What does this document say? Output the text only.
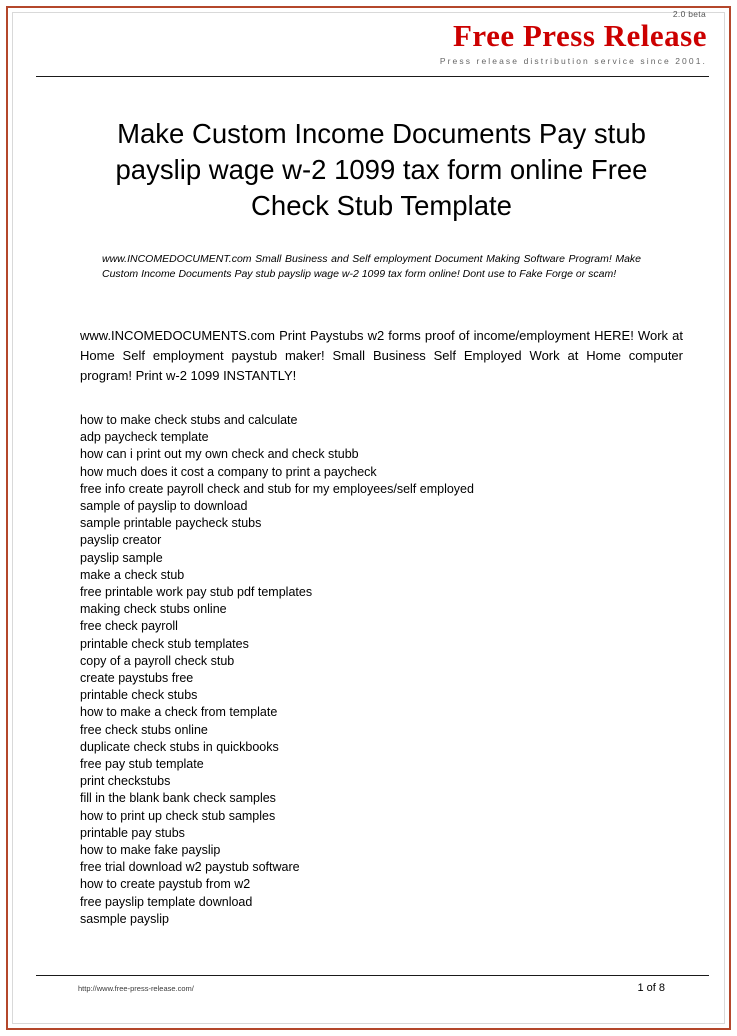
Free Press Release
2.0 beta
Press release distribution service since 2001.
Make Custom Income Documents Pay stub payslip wage w-2 1099 tax form online Free Check Stub Template

www.INCOMEDOCUMENT.com Small Business and Self employment Document Making Software Program! Make Custom Income Documents Pay stub payslip wage w-2 1099 tax form online! Dont use to Fake Forge or scam!

www.INCOMEDOCUMENTS.com Print Paystubs w2 forms proof of income/employment HERE! Work at Home Self employment paystub maker! Small Business Self Employed Work at Home computer program! Print w-2 1099 INSTANTLY!

how to make check stubs and calculate
adp paycheck template
how can i print out my own check and check stubb
how much does it cost a company to print a paycheck
free info create payroll check and stub for my employees/self employed
sample of payslip to download
sample printable paycheck stubs
payslip creator
payslip sample
make a check stub
free printable work pay stub pdf templates
making check stubs online
free check payroll
printable check stub templates
copy of a payroll check stub
create paystubs free
printable check stubs
how to make a check from template
free check stubs online
duplicate check stubs in quickbooks
free pay stub template
print checkstubs
fill in the blank bank check samples
how to print up check stub samples
printable pay stubs
how to make fake payslip
free trial download w2 paystub software
how to create paystub from w2
free payslip template download
sasmple payslip
http://www.free-press-release.com/	1 of 8
